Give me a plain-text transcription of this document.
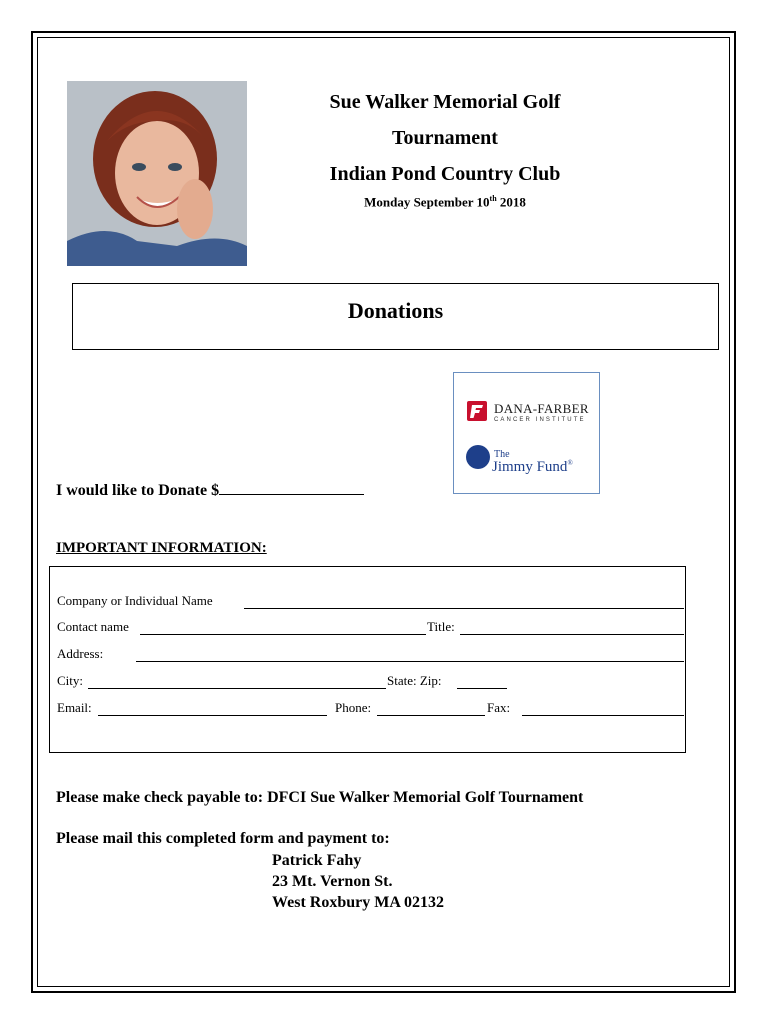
Sue Walker Memorial Golf
Tournament
Indian Pond Country Club
Monday September 10th 2018
Donations
DANA-FARBER
CANCER INSTITUTE
The
Jimmy Fund®
I would like to Donate $
IMPORTANT INFORMATION:
Company or Individual Name
Contact name	Title:
Address:
City:	State: Zip:
Email:	Phone:	Fax:
Please make check payable to: DFCI Sue Walker Memorial Golf Tournament
Please mail this completed form and payment to:
Patrick Fahy
23 Mt. Vernon St.
West Roxbury MA 02132
